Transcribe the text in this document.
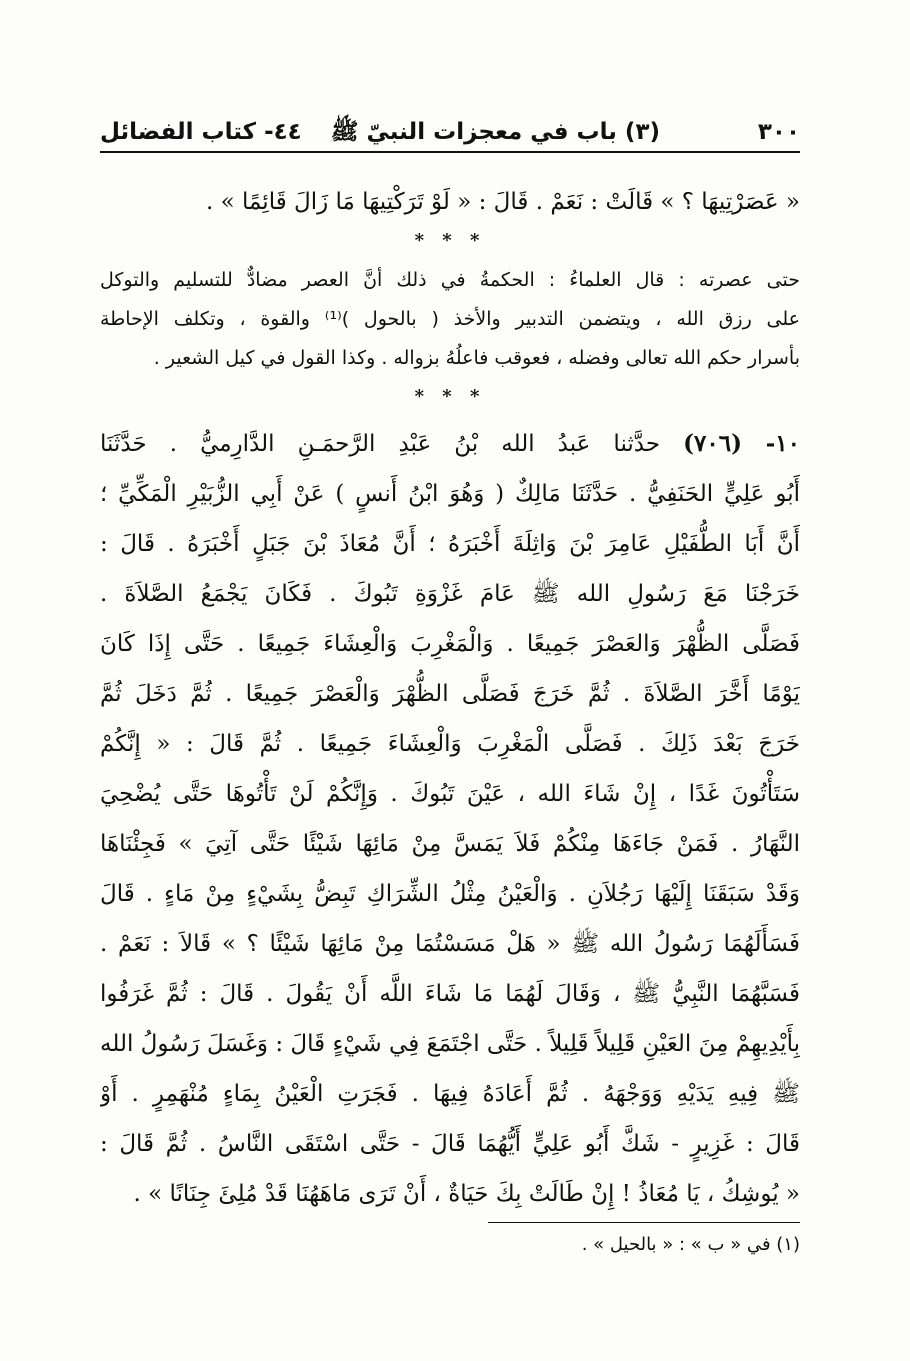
٣٠٠
(٣) باب في معجزات النبيّ ﷺ
٤٤- كتاب الفضائل
« عَصَرْتِيهَا ؟ » قَالَتْ : نَعَمْ . قَالَ : « لَوْ تَرَكْتِيهَا مَا زَالَ قَائِمًا » .
* * *
حتى عصرته : قال العلماءُ : الحكمةُ في ذلك أنَّ العصر مضادٌّ للتسليم والتوكل
على رزق الله ، ويتضمن التدبير والأخذ ( بالحول )⁽¹⁾ والقوة ، وتكلف الإحاطة
بأسرار حكم الله تعالى وفضله ، فعوقب فاعلُهُ بزواله . وكذا القول في كيل الشعير .
* * *
١٠- (٧٠٦) حدَّثنا عَبدُ الله بْنُ عَبْدِ الرَّحمَـنِ الدَّارِميُّ . حَدَّثَنَا
أَبُو عَلِيٍّ الحَنَفِيُّ . حَدَّثَنَا مَالِكٌ ( وَهُوَ ابْنُ أَنسٍ ) عَنْ أَبِي الزُّبَيْرِ الْمَكِّيِّ ؛
أَنَّ أَبَا الطُّفَيْلِ عَامِرَ بْنَ وَاثِلَةَ أَخْبَرَهُ ؛ أَنَّ مُعَاذَ بْنَ جَبَلٍ أَخْبَرَهُ . قَالَ :
خَرَجْنَا مَعَ رَسُولِ الله ﷺ عَامَ غَزْوَةِ تَبُوكَ . فَكَانَ يَجْمَعُ الصَّلاَةَ .
فَصَلَّى الظُّهْرَ وَالعَصْرَ جَمِيعًا . وَالْمَغْرِبَ وَالْعِشَاءَ جَمِيعًا . حَتَّى إِذَا كَانَ
يَوْمًا أَخَّرَ الصَّلاَةَ . ثُمَّ خَرَجَ فَصَلَّى الظُّهْرَ وَالْعَصْرَ جَمِيعًا . ثُمَّ دَخَلَ ثُمَّ
خَرَجَ بَعْدَ ذَلِكَ . فَصَلَّى الْمَغْرِبَ وَالْعِشَاءَ جَمِيعًا . ثُمَّ قَالَ : « إِنَّكُمْ
سَتَأْتُونَ غَدًا ، إِنْ شَاءَ الله ، عَيْنَ تَبُوكَ . وَإِنَّكُمْ لَنْ تَأْتُوهَا حَتَّى يُضْحِيَ
النَّهَارُ . فَمَنْ جَاءَهَا مِنْكُمْ فَلاَ يَمَسَّ مِنْ مَائِهَا شَيْئًا حَتَّى آتِيَ » فَجِئْنَاهَا
وَقَدْ سَبَقَنَا إِلَيْهَا رَجُلاَنِ . وَالْعَيْنُ مِثْلُ الشِّرَاكِ تَبِضُّ بِشَيْءٍ مِنْ مَاءٍ . قَالَ
فَسَأَلَهُمَا رَسُولُ الله ﷺ « هَلْ مَسَسْتُمَا مِنْ مَائِهَا شَيْئًا ؟ » قَالاَ : نَعَمْ .
فَسَبَّهُمَا النَّبِيُّ ﷺ ، وَقَالَ لَهُمَا مَا شَاءَ اللَّه أَنْ يَقُولَ . قَالَ : ثُمَّ غَرَفُوا
بِأَيْدِيهِمْ مِنَ العَيْنِ قَلِيلاً قَلِيلاً . حَتَّى اجْتَمَعَ فِي شَيْءٍ قَالَ : وَغَسَلَ رَسُولُ الله
ﷺ فِيهِ يَدَيْهِ وَوَجْهَهُ . ثُمَّ أَعَادَهُ فِيهَا . فَجَرَتِ الْعَيْنُ بِمَاءٍ مُنْهَمِرٍ . أَوْ
قَالَ : غَزِيرٍ - شَكَّ أَبُو عَلِيٍّ أَيُّهُمَا قَالَ - حَتَّى اسْتَقَى النَّاسُ . ثُمَّ قَالَ :
« يُوشِكُ ، يَا مُعَاذُ ! إِنْ طَالَتْ بِكَ حَيَاةٌ ، أَنْ تَرَى مَاهَهُنَا قَدْ مُلِئَ جِنَانًا » .
(١) في « ب » : « بالحيل » .
